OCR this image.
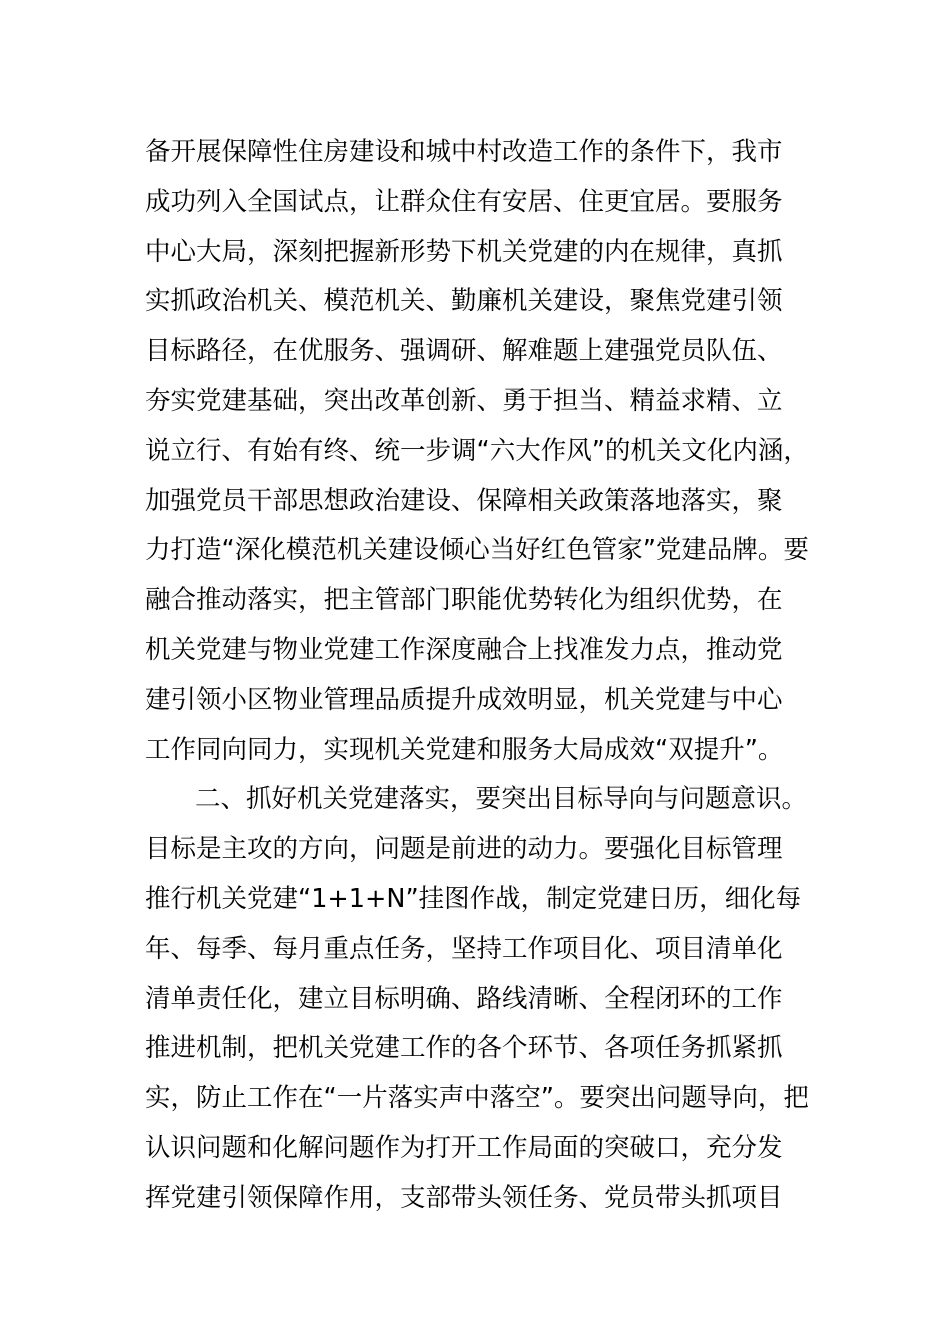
备开展保障性住房建设和城中村改造工作的条件下，我市
成功列入全国试点，让群众住有安居、住更宜居。要服务
中心大局，深刻把握新形势下机关党建的内在规律，真抓
实抓政治机关、模范机关、勤廉机关建设，聚焦党建引领
目标路径，在优服务、强调研、解难题上建强党员队伍、
夯实党建基础，突出改革创新、勇于担当、精益求精、立
说立行、有始有终、统一步调“六大作风”的机关文化内涵，
加强党员干部思想政治建设、保障相关政策落地落实，聚
力打造“深化模范机关建设倾心当好红色管家”党建品牌。要
融合推动落实，把主管部门职能优势转化为组织优势，在
机关党建与物业党建工作深度融合上找准发力点，推动党
建引领小区物业管理品质提升成效明显，机关党建与中心
工作同向同力，实现机关党建和服务大局成效“双提升”。
二、抓好机关党建落实，要突出目标导向与问题意识。
目标是主攻的方向，问题是前进的动力。要强化目标管理
推行机关党建“1+1+N”挂图作战，制定党建日历，细化每
年、每季、每月重点任务，坚持工作项目化、项目清单化
清单责任化，建立目标明确、路线清晰、全程闭环的工作
推进机制，把机关党建工作的各个环节、各项任务抓紧抓
实，防止工作在“一片落实声中落空”。要突出问题导向，把
认识问题和化解问题作为打开工作局面的突破口，充分发
挥党建引领保障作用，支部带头领任务、党员带头抓项目
